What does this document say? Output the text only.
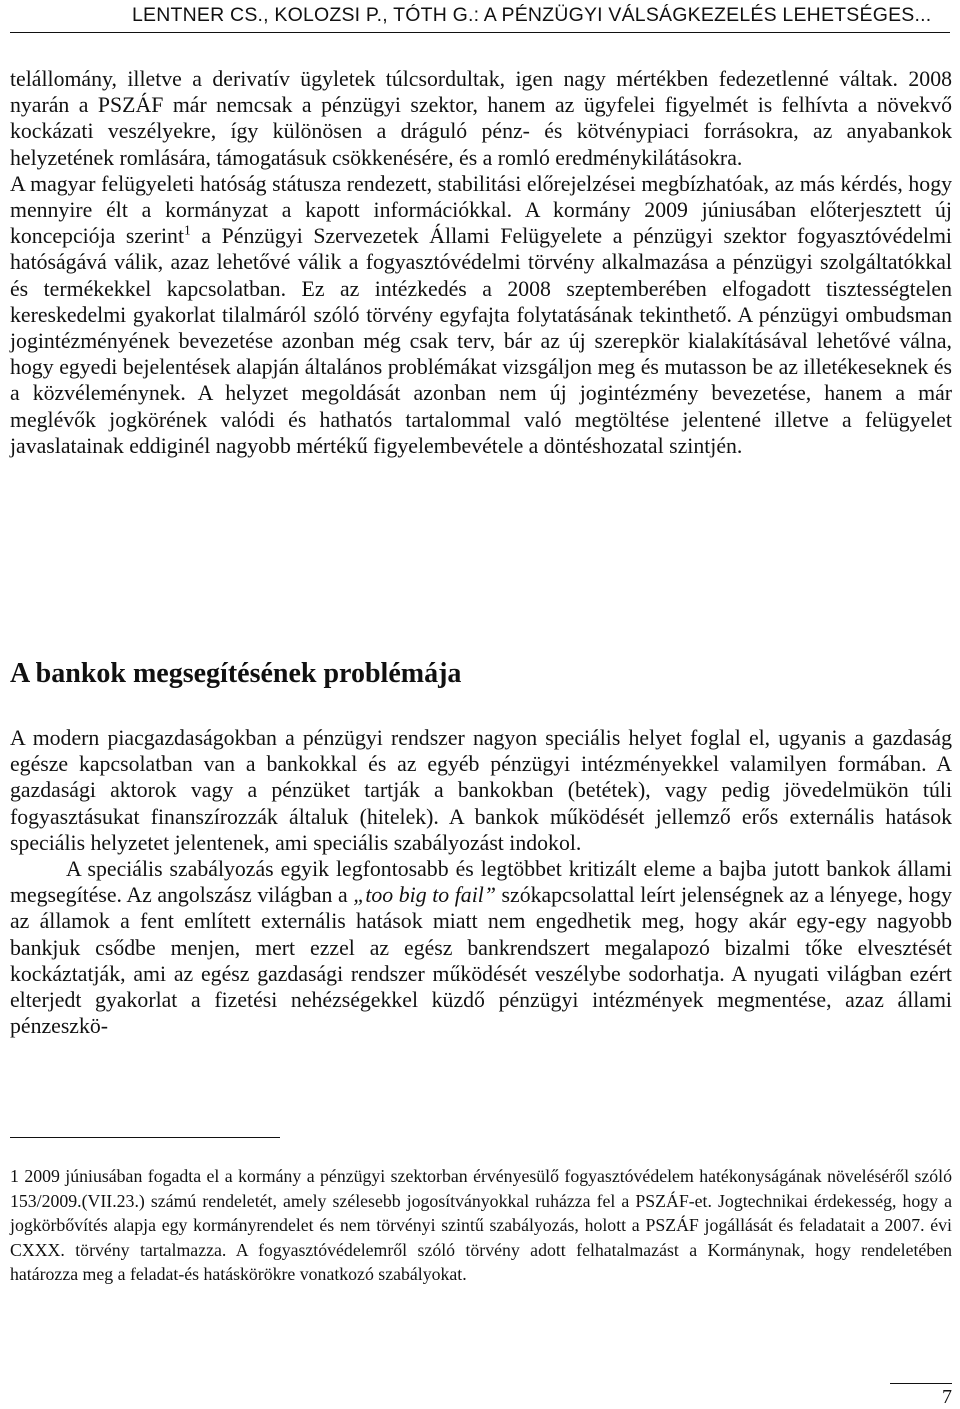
LENTNER CS., KOLOZSI P., TÓTH G.: A PÉNZÜGYI VÁLSÁGKEZELÉS LEHETSÉGES...

telállomány, illetve a derivatív ügyletek túlcsordultak, igen nagy mértékben fedezetlenné váltak. 2008 nyarán a PSZÁF már nemcsak a pénzügyi szektor, hanem az ügyfelei figyelmét is felhívta a növekvő kockázati veszélyekre, így különösen a dráguló pénz- és kötvénypiaci forrásokra, az anyabankok helyzetének romlására, támogatásuk csökkenésére, és a romló eredménykilátásokra.

A magyar felügyeleti hatóság státusza rendezett, stabilitási előrejelzései megbízhatóak, az más kérdés, hogy mennyire élt a kormányzat a kapott információkkal. A kormány 2009 júniusában előterjesztett új koncepciója szerint$^1$ a Pénzügyi Szervezetek Állami Felügyelete a pénzügyi szektor fogyasztóvédelmi hatóságává válik, azaz lehetővé válik a fogyasztóvédelmi törvény alkalmazása a pénzügyi szolgáltatókkal és termékekkel kapcsolatban. Ez az intézkedés a 2008 szeptemberében elfogadott tisztességtelen kereskedelmi gyakorlat tilalmáról szóló törvény egyfajta folytatásának tekinthető. A pénzügyi ombudsman jogintézményének bevezetése azonban még csak terv, bár az új szerepkör kialakításával lehetővé válna, hogy egyedi bejelentések alapján általános problémákat vizsgáljon meg és mutasson be az illetékeseknek és a közvéleménynek. A helyzet megoldását azonban nem új jogintézmény bevezetése, hanem a már meglévők jogkörének valódi és hathatós tartalommal való megtöltése jelentené illetve a felügyelet javaslatainak eddiginél nagyobb mértékű figyelembevétele a döntéshozatal szintjén.

A bankok megsegítésének problémája

A modern piacgazdaságokban a pénzügyi rendszer nagyon speciális helyet foglal el, ugyanis a gazdaság egésze kapcsolatban van a bankokkal és az egyéb pénzügyi intézményekkel valamilyen formában. A gazdasági aktorok vagy a pénzüket tartják a bankokban (betétek), vagy pedig jövedelmükön túli fogyasztásukat finanszírozzák általuk (hitelek). A bankok működését jellemző erős externális hatások speciális helyzetet jelentenek, ami speciális szabályozást indokol.

A speciális szabályozás egyik legfontosabb és legtöbbet kritizált eleme a bajba jutott bankok állami megsegítése. Az angolszász világban a „too big to fail” szókapcsolattal leírt jelenségnek az a lényege, hogy az államok a fent említett externális hatások miatt nem engedhetik meg, hogy akár egy-egy nagyobb bankjuk csődbe menjen, mert ezzel az egész bankrendszert megalapozó bizalmi tőke elvesztését kockáztatják, ami az egész gazdasági rendszer működését veszélybe sodorhatja. A nyugati világban ezért elterjedt gyakorlat a fizetési nehézségekkel küzdő pénzügyi intézmények megmentése, azaz állami pénzeszkö-

1 2009 júniusában fogadta el a kormány a pénzügyi szektorban érvényesülő fogyasztóvédelem hatékonyságának növeléséről szóló 153/2009.(VII.23.) számú rendeletét, amely szélesebb jogosítványokkal ruházza fel a PSZÁF-et. Jogtechnikai érdekesség, hogy a jogkörbővítés alapja egy kormányrendelet és nem törvényi szintű szabályozás, holott a PSZÁF jogállását és feladatait a 2007. évi CXXX. törvény tartalmazza. A fogyasztóvédelemről szóló törvény adott felhatalmazást a Kormánynak, hogy rendeletében határozza meg a feladat-és hatáskörökre vonatkozó szabályokat.

7
